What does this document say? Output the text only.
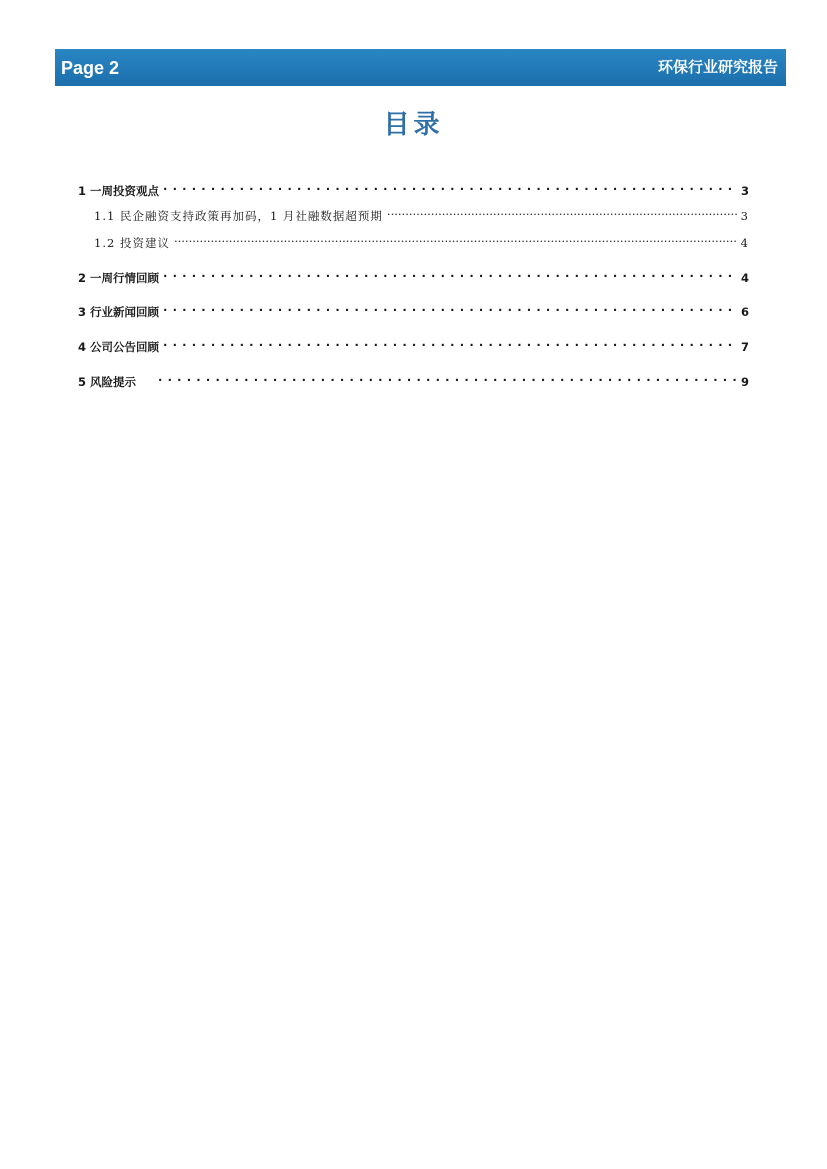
Page 2	环保行业研究报告
目录
1 一周投资观点 . . .	3
1.1 民企融资支持政策再加码，1 月社融数据超预期 .....	3
1.2 投资建议 .....	4
2 一周行情回顾 . . .	4
3 行业新闻回顾 . . .	6
4 公司公告回顾 . . .	7
5 风险提示 . . .	9
